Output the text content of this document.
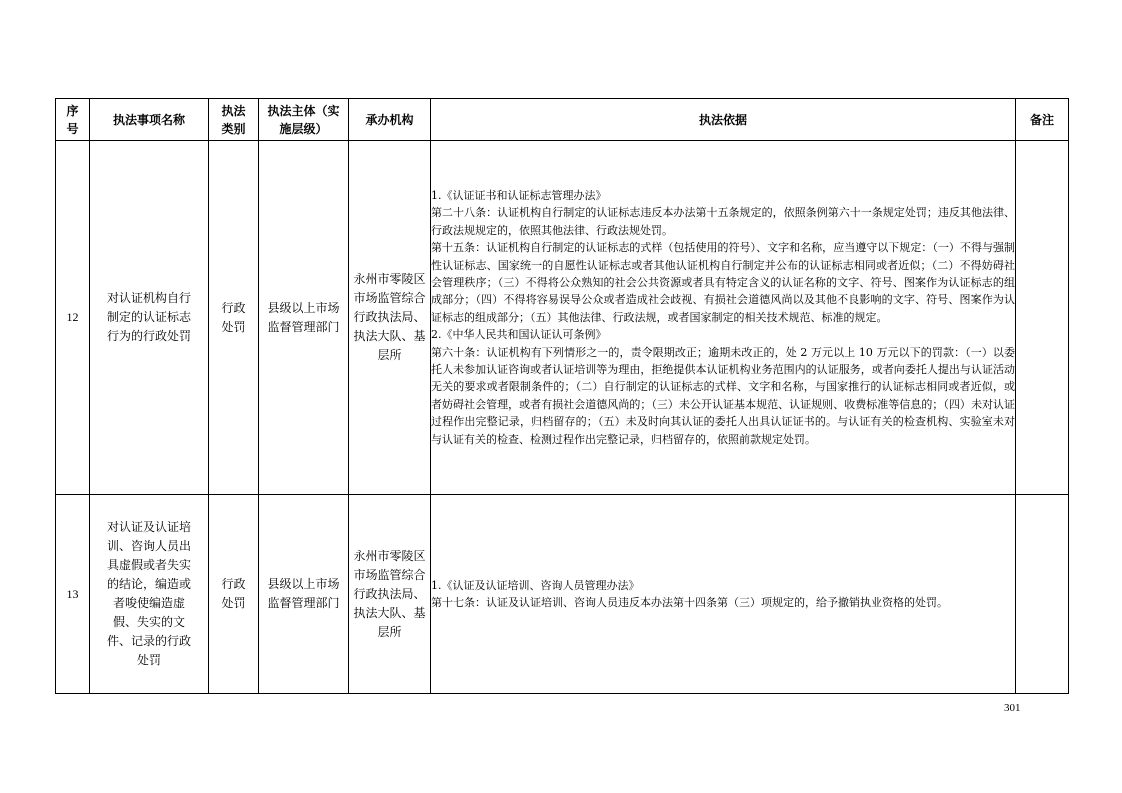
序号	执法事项名称	执法类别	执法主体（实施层级）	承办机构	执法依据	备注
12	对认证机构自行制定的认证标志行为的行政处罚	行政处罚	县级以上市场监督管理部门	永州市零陵区市场监管综合行政执法局、执法大队、基层所	1.《认证证书和认证标志管理办法》

第二十八条：认证机构自行制定的认证标志违反本办法第十五条规定的，依照条例第六十一条规定处罚；违反其他法律、行政法规规定的，依照其他法律、行政法规处罚。

第十五条：认证机构自行制定的认证标志的式样（包括使用的符号）、文字和名称，应当遵守以下规定：（一）不得与强制性认证标志、国家统一的自愿性认证标志或者其他认证机构自行制定并公布的认证标志相同或者近似；（二）不得妨碍社会管理秩序；（三）不得将公众熟知的社会公共资源或者具有特定含义的认证名称的文字、符号、图案作为认证标志的组成部分；（四）不得将容易误导公众或者造成社会歧视、有损社会道德风尚以及其他不良影响的文字、符号、图案作为认证标志的组成部分；（五）其他法律、行政法规，或者国家制定的相关技术规范、标准的规定。

2.《中华人民共和国认证认可条例》

第六十条：认证机构有下列情形之一的，责令限期改正；逾期未改正的，处 2 万元以上 10 万元以下的罚款：（一）以委托人未参加认证咨询或者认证培训等为理由，拒绝提供本认证机构业务范围内的认证服务，或者向委托人提出与认证活动无关的要求或者限制条件的；（二）自行制定的认证标志的式样、文字和名称，与国家推行的认证标志相同或者近似，或者妨碍社会管理，或者有损社会道德风尚的；（三）未公开认证基本规范、认证规则、收费标准等信息的；（四）未对认证过程作出完整记录，归档留存的；（五）未及时向其认证的委托人出具认证证书的。与认证有关的检查机构、实验室未对与认证有关的检查、检测过程作出完整记录，归档留存的，依照前款规定处罚。	

13	对认证及认证培训、咨询人员出具虚假或者失实的结论，编造或者唆使编造虚假、失实的文件、记录的行政处罚	行政处罚	县级以上市场监督管理部门	永州市零陵区市场监管综合行政执法局、执法大队、基层所	1.《认证及认证培训、咨询人员管理办法》

第十七条：认证及认证培训、咨询人员违反本办法第十四条第（三）项规定的，给予撤销执业资格的处罚。	

301
